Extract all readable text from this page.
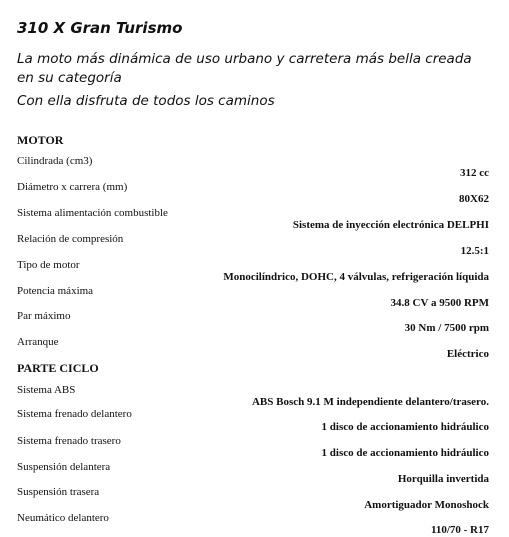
310 X Gran Turismo

La moto más dinámica de uso urbano y carretera más bella creada en su categoría

Con ella disfruta de todos los caminos

MOTOR
Cilindrada (cm3)
312 cc
Diámetro x carrera (mm)
80X62
Sistema alimentación combustible
Sistema de inyección electrónica DELPHI
Relación de compresión
12.5:1
Tipo de motor
Monocilíndrico, DOHC, 4 válvulas, refrigeración líquida
Potencia máxima
34.8 CV a 9500 RPM
Par máximo
30 Nm / 7500 rpm
Arranque
Eléctrico
PARTE CICLO
Sistema ABS
ABS Bosch 9.1 M independiente delantero/trasero.
Sistema frenado delantero
1 disco de accionamiento hidráulico
Sistema frenado trasero
1 disco de accionamiento hidráulico
Suspensión delantera
Horquilla invertida
Suspensión trasera
Amortiguador Monoshock
Neumático delantero
110/70 - R17
